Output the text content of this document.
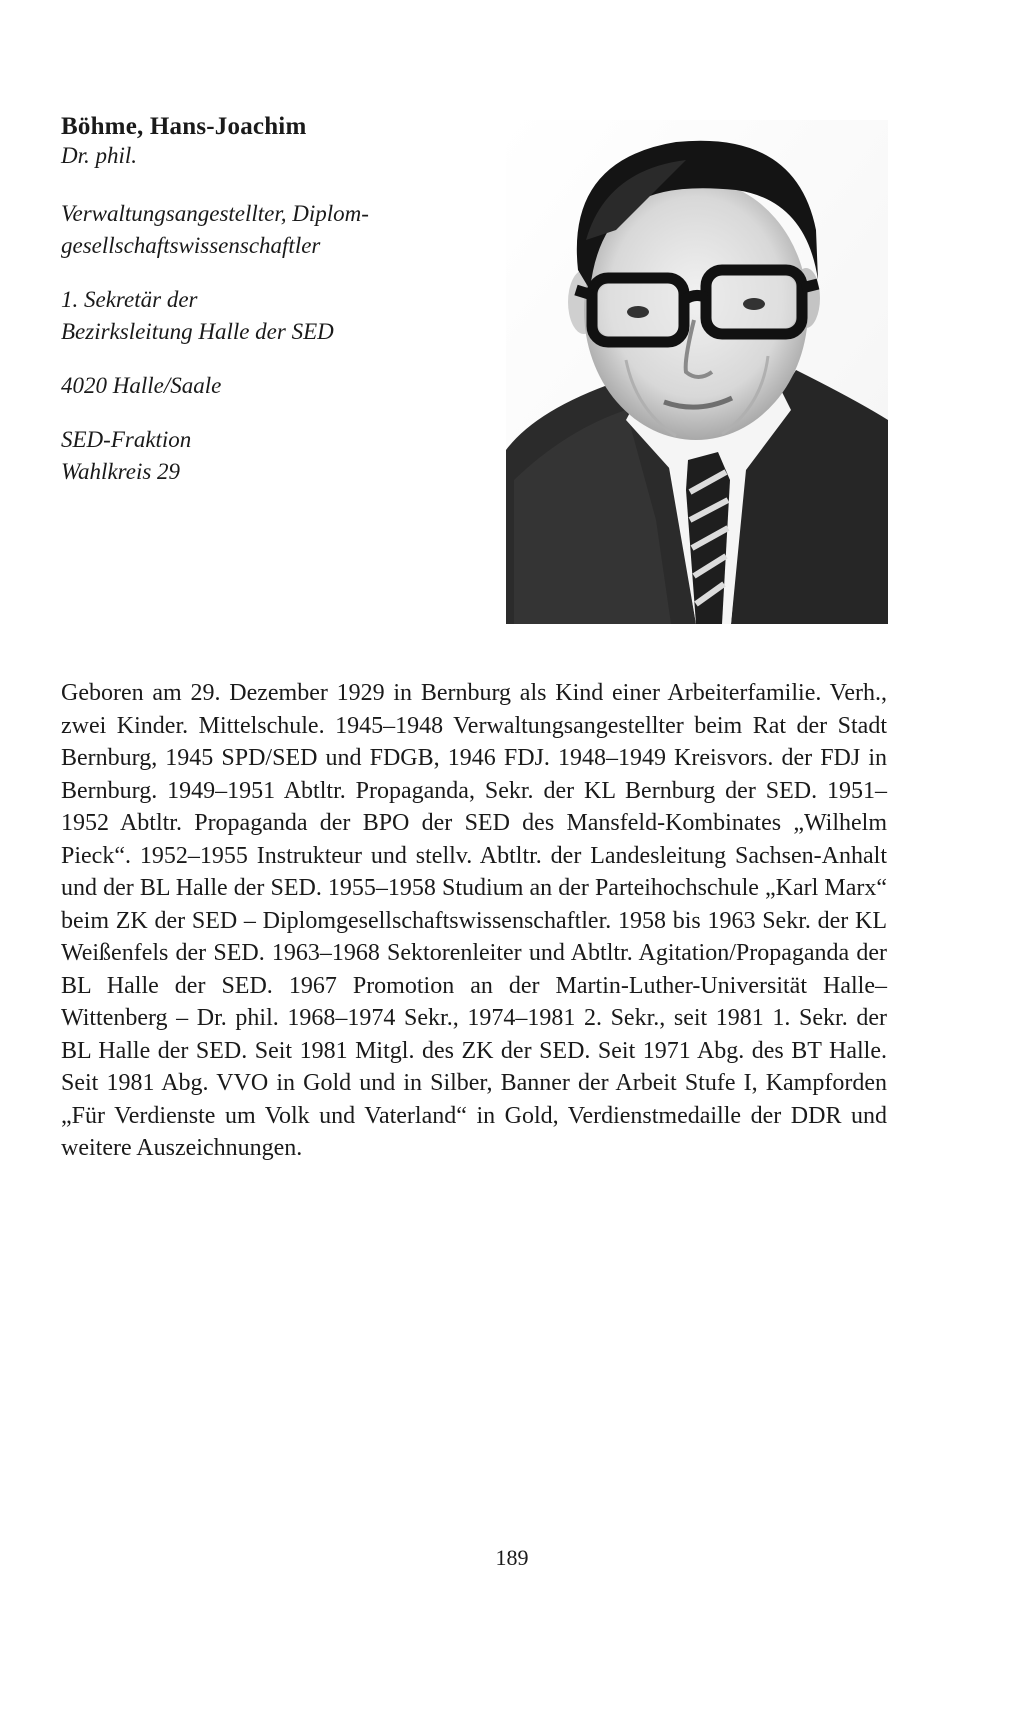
Böhme, Hans-Joachim

Dr. phil.

Verwaltungsangestellter, Diplom-

gesellschaftswissenschaftler

1. Sekretär der

Bezirksleitung Halle der SED

4020 Halle/Saale

SED-Fraktion

Wahlkreis 29

Geboren am 29. Dezember 1929 in Bernburg als Kind einer Arbeiterfamilie. Verh., zwei Kinder. Mittelschule. 1945–1948 Verwaltungsangestellter beim Rat der Stadt Bernburg, 1945 SPD/SED und FDGB, 1946 FDJ. 1948–1949 Kreisvors. der FDJ in Bernburg. 1949–1951 Abtltr. Propaganda, Sekr. der KL Bernburg der SED. 1951–1952 Abtltr. Propaganda der BPO der SED des Mansfeld-Kombinates „Wilhelm Pieck“. 1952–1955 Instrukteur und stellv. Abtltr. der Landesleitung Sachsen-Anhalt und der BL Halle der SED. 1955–1958 Studium an der Parteihochschule „Karl Marx“ beim ZK der SED – Diplomgesellschaftswissenschaftler. 1958 bis 1963 Sekr. der KL Weißenfels der SED. 1963–1968 Sektorenleiter und Abtltr. Agitation/Propaganda der BL Halle der SED. 1967 Promotion an der Martin-Luther-Universität Halle–Wittenberg – Dr. phil. 1968–1974 Sekr., 1974–1981 2. Sekr., seit 1981 1. Sekr. der BL Halle der SED. Seit 1981 Mitgl. des ZK der SED. Seit 1971 Abg. des BT Halle. Seit 1981 Abg. VVO in Gold und in Silber, Banner der Arbeit Stufe I, Kampforden „Für Verdienste um Volk und Vaterland“ in Gold, Verdienstmedaille der DDR und weitere Auszeichnungen.

189
